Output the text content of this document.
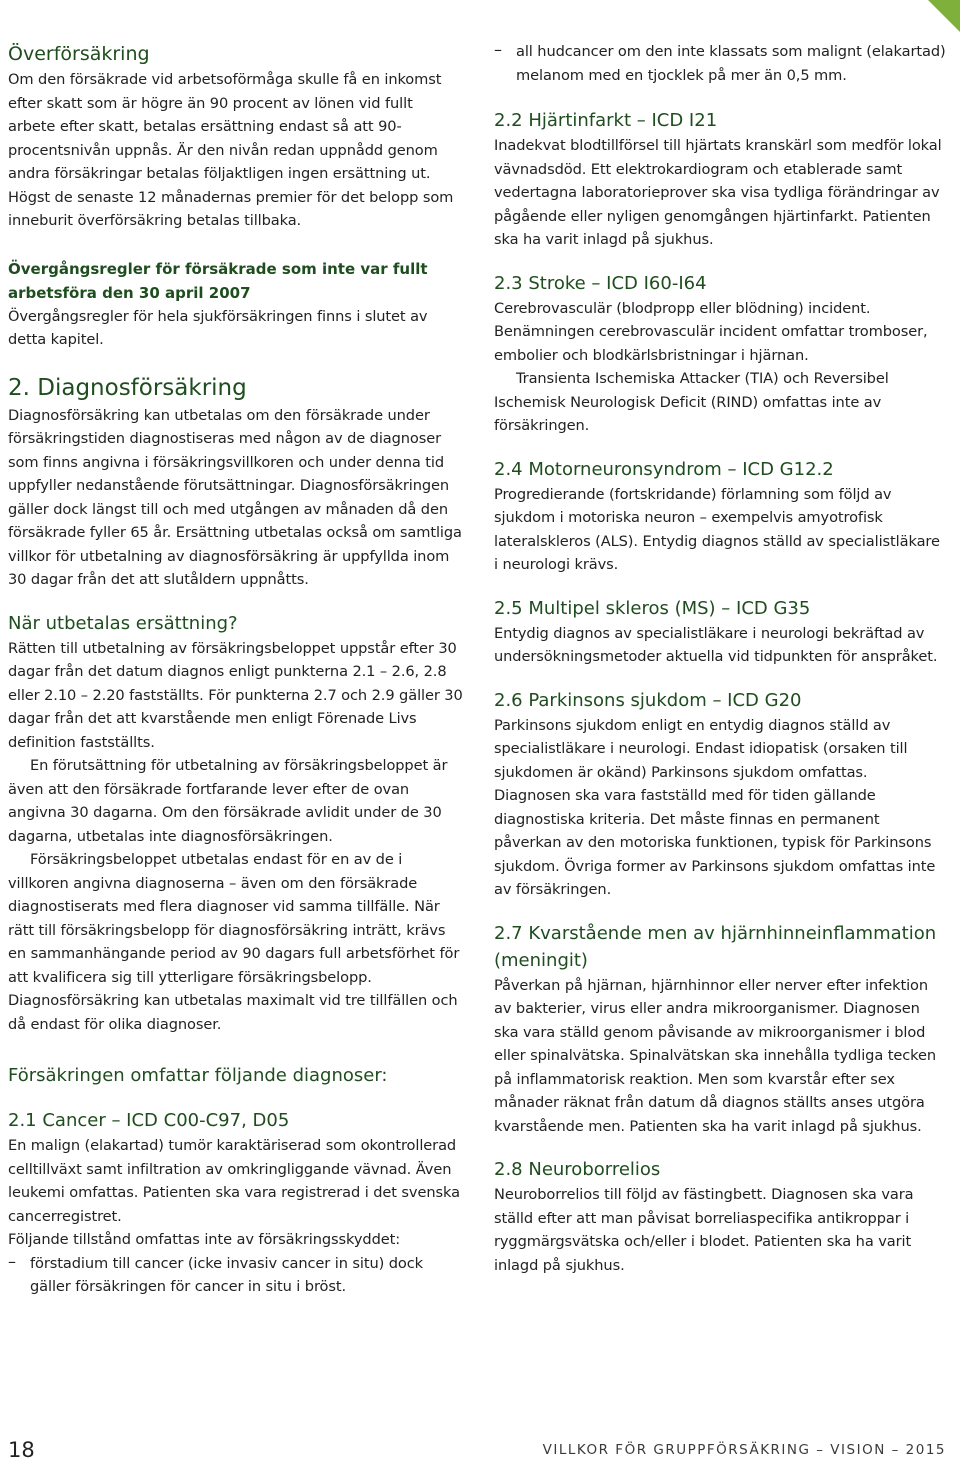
Överförsäkring

Om den försäkrade vid arbetsoförmåga skulle få en inkomst efter skatt som är högre än 90 procent av lönen vid fullt arbete efter skatt, betalas ersättning endast så att 90-procentsnivån uppnås. Är den nivån redan uppnådd genom andra försäkringar betalas följaktligen ingen ersättning ut. Högst de senaste 12 månadernas premier för det belopp som inneburit överförsäkring betalas tillbaka.

Övergångsregler för försäkrade som inte var fullt arbetsföra den 30 april 2007

Övergångsregler för hela sjukförsäkringen finns i slutet av detta kapitel.

2. Diagnosförsäkring

Diagnosförsäkring kan utbetalas om den försäkrade under försäkringstiden diagnostiseras med någon av de diagnoser som finns angivna i försäkringsvillkoren och under denna tid uppfyller nedanstående förutsättningar. Diagnosförsäkringen gäller dock längst till och med utgången av månaden då den försäkrade fyller 65 år. Ersättning utbetalas också om samtliga villkor för utbetalning av diagnosförsäkring är uppfyllda inom 30 dagar från det att slutåldern uppnåtts.

När utbetalas ersättning?

Rätten till utbetalning av försäkringsbeloppet uppstår efter 30 dagar från det datum diagnos enligt punkterna 2.1 – 2.6, 2.8 eller 2.10 – 2.20 fastställts. För punkterna 2.7 och 2.9 gäller 30 dagar från det att kvarstående men enligt Förenade Livs definition fastställts.

En förutsättning för utbetalning av försäkringsbeloppet är även att den försäkrade fortfarande lever efter de ovan angivna 30 dagarna. Om den försäkrade avlidit under de 30 dagarna, utbetalas inte diagnosförsäkringen.

Försäkringsbeloppet utbetalas endast för en av de i villkoren angivna diagnoserna – även om den försäkrade diagnostiserats med flera diagnoser vid samma tillfälle. När rätt till försäkringsbelopp för diagnosförsäkring inträtt, krävs en sammanhängande period av 90 dagars full arbetsförhet för att kvalificera sig till ytterligare försäkringsbelopp. Diagnosförsäkring kan utbetalas maximalt vid tre tillfällen och då endast för olika diagnoser.

Försäkringen omfattar följande diagnoser:
2.1 Cancer – ICD C00-C97, D05

En malign (elakartad) tumör karaktäriserad som okontrollerad celltillväxt samt infiltration av omkringliggande vävnad. Även leukemi omfattas. Patienten ska vara registrerad i det svenska cancerregistret.

Följande tillstånd omfattas inte av försäkringsskyddet:

– förstadium till cancer (icke invasiv cancer in situ) dock gäller försäkringen för cancer in situ i bröst.

– all hudcancer om den inte klassats som malignt (elakartad) melanom med en tjocklek på mer än 0,5 mm.

2.2 Hjärtinfarkt – ICD I21

Inadekvat blodtillförsel till hjärtats kranskärl som medför lokal vävnadsdöd. Ett elektrokardiogram och etablerade samt vedertagna laboratorieprover ska visa tydliga förändringar av pågående eller nyligen genomgången hjärtinfarkt. Patienten ska ha varit inlagd på sjukhus.

2.3 Stroke – ICD I60-I64

Cerebrovasculär (blodpropp eller blödning) incident. Benämningen cerebrovasculär incident omfattar tromboser, embolier och blodkärlsbristningar i hjärnan.

Transienta Ischemiska Attacker (TIA) och Reversibel Ischemisk Neurologisk Deficit (RIND) omfattas inte av försäkringen.

2.4 Motorneuronsyndrom – ICD G12.2

Progredierande (fortskridande) förlamning som följd av sjukdom i motoriska neuron – exempelvis amyotrofisk lateralskleros (ALS). Entydig diagnos ställd av specialistläkare i neurologi krävs.

2.5 Multipel skleros (MS) – ICD G35

Entydig diagnos av specialistläkare i neurologi bekräftad av undersökningsmetoder aktuella vid tidpunkten för anspråket.

2.6 Parkinsons sjukdom – ICD G20

Parkinsons sjukdom enligt en entydig diagnos ställd av specialistläkare i neurologi. Endast idiopatisk (orsaken till sjukdomen är okänd) Parkinsons sjukdom omfattas. Diagnosen ska vara fastställd med för tiden gällande diagnostiska kriteria. Det måste finnas en permanent påverkan av den motoriska funktionen, typisk för Parkinsons sjukdom. Övriga former av Parkinsons sjukdom omfattas inte av försäkringen.

2.7 Kvarstående men av hjärnhinneinflammation (meningit)

Påverkan på hjärnan, hjärnhinnor eller nerver efter infektion av bakterier, virus eller andra mikroorganismer. Diagnosen ska vara ställd genom påvisande av mikroorganismer i blod eller spinalvätska. Spinalvätskan ska innehålla tydliga tecken på inflammatorisk reaktion. Men som kvarstår efter sex månader räknat från datum då diagnos ställts anses utgöra kvarstående men. Patienten ska ha varit inlagd på sjukhus.

2.8 Neuroborrelios

Neuroborrelios till följd av fästingbett. Diagnosen ska vara ställd efter att man påvisat borreliaspecifika antikroppar i ryggmärgsvätska och/eller i blodet. Patienten ska ha varit inlagd på sjukhus.

18	VILLKOR FÖR GRUPPFÖRSÄKRING – VISION – 2015
